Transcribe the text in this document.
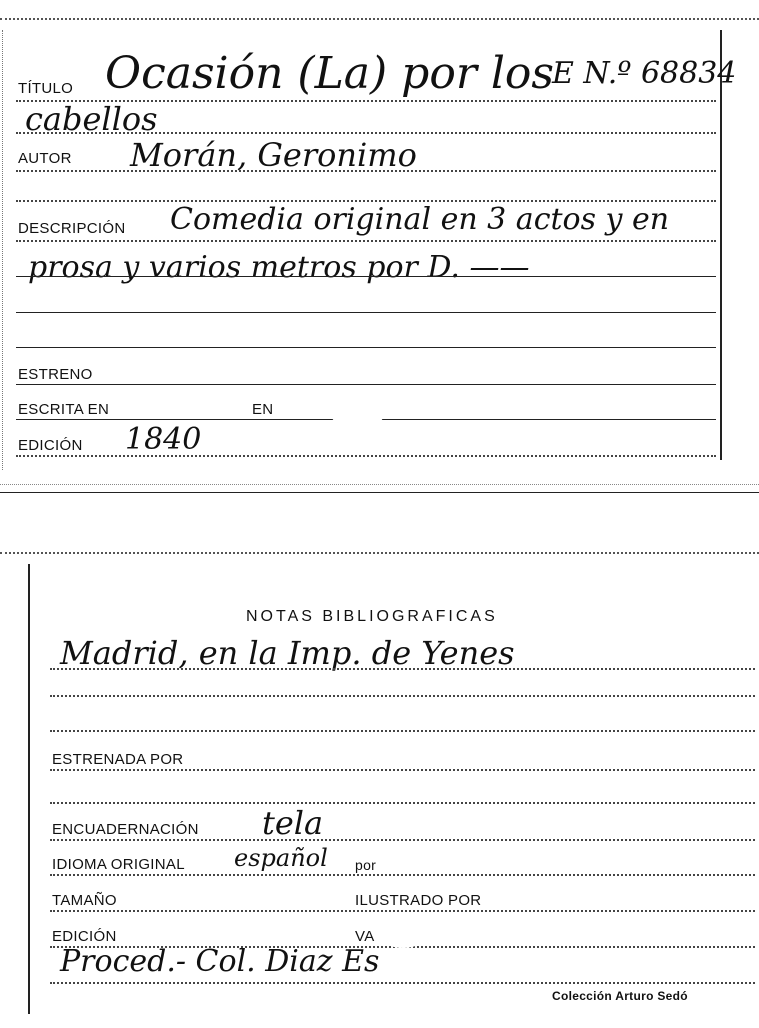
TÍTULO Ocasión (La) por los
E N.º 68834
cabellos
AUTOR Morán, Geronimo
DESCRIPCIÓN Comedia original en 3 actos y en
prosa y varios metros por D. ——
ESTRENO
ESCRITA EN	EN
EDICIÓN 1840
NOTAS BIBLIOGRAFICAS
Madrid, en la Imp. de Yenes
ESTRENADA POR
ENCUADERNACIÓN tela
IDIOMA ORIGINAL español por
TAMAÑO	ILUSTRADO POR
EDICIÓN	VA
Proced.- Col. Diaz Es
Colección Arturo Sedó
